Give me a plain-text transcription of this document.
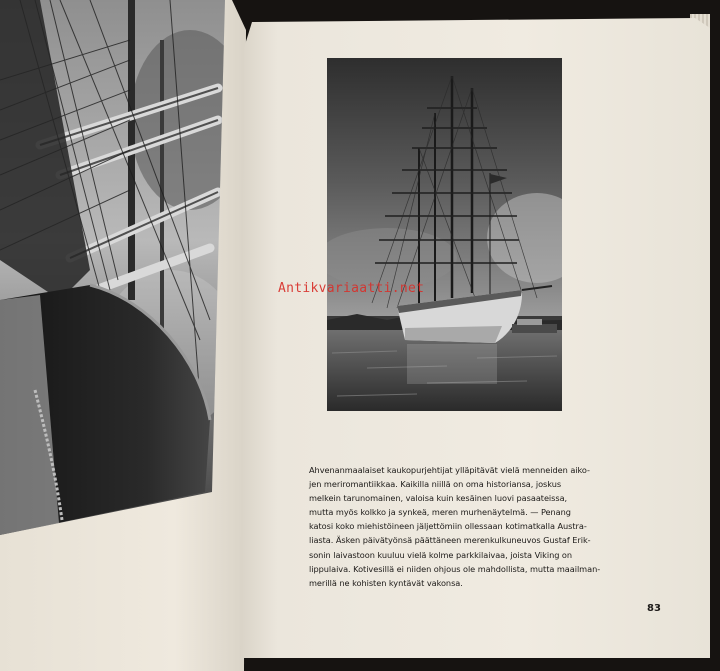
Antikvariaatti.net

Ahvenanmaalaiset kaukopurjehtijat ylläpitävät vielä menneiden aiko-
jen meriromantiikkaa. Kaikilla niillä on oma historiansa, joskus
melkein tarunomainen, valoisa kuin kesäinen luovi pasaateissa,
mutta myös kolkko ja synkeä, meren murhenäytelmä. — Penang
katosi koko miehistöineen jäljettömiin ollessaan kotimatkalla Austra-
liasta. Äsken päivätyönsä päättäneen merenkulkuneuvos Gustaf Erik-
sonin laivastoon kuuluu vielä kolme parkkilaivaa, joista Viking on
lippulaiva. Kotivesillä ei niiden ohjous ole mahdollista, mutta maailman-
merillä ne kohisten kyntävät vakonsa.

83
